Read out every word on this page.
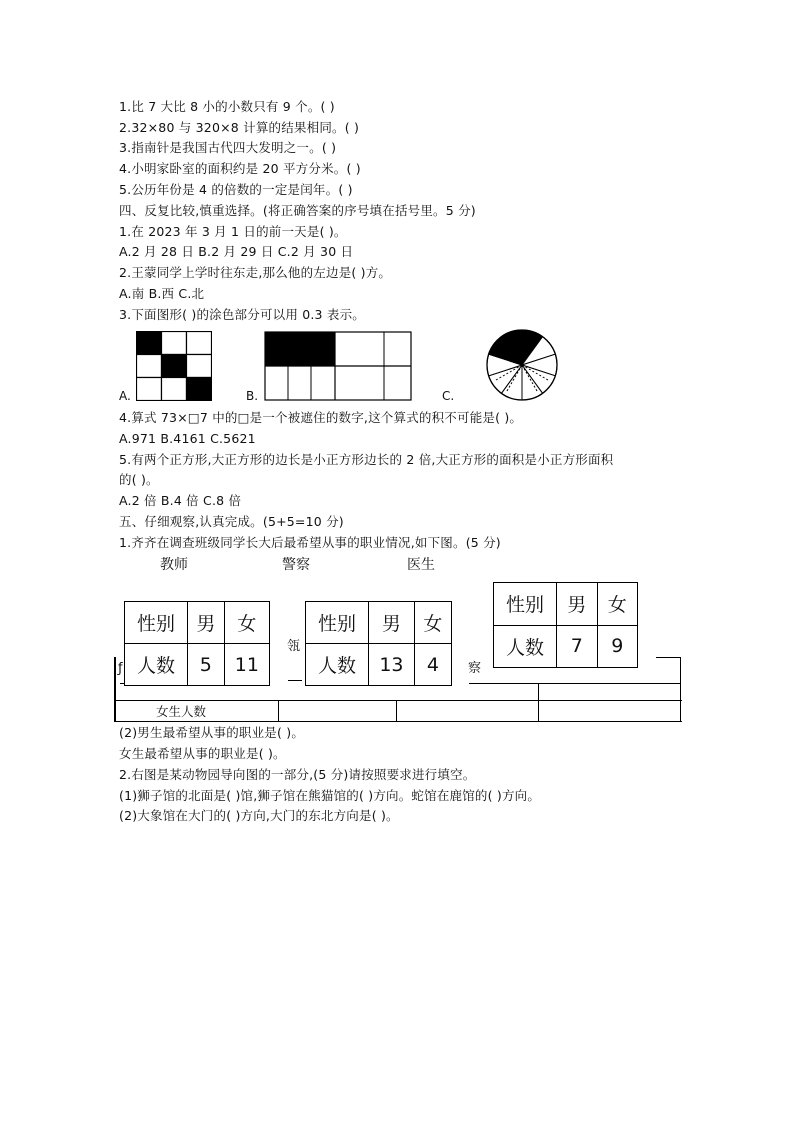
1.比 7 大比 8 小的小数只有 9 个。( )
2.32×80 与 320×8 计算的结果相同。( )
3.指南针是我国古代四大发明之一。( )
4.小明家卧室的面积约是 20 平方分米。( )
5.公历年份是 4 的倍数的一定是闰年。( )
四、反复比较,慎重选择。(将正确答案的序号填在括号里。5 分)
1.在 2023 年 3 月 1 日的前一天是( )。
A.2 月 28 日 B.2 月 29 日 C.2 月 30 日
2.王蒙同学上学时往东走,那么他的左边是( )方。
A.南 B.西 C.北
3.下面图形( )的涂色部分可以用 0.3 表示。
A.	B.	C.
4.算式 73×□7 中的□是一个被遮住的数字,这个算式的积不可能是( )。
A.971 B.4161 C.5621
5.有两个正方形,大正方形的边长是小正方形边长的 2 倍,大正方形的面积是小正方形面积
的( )。
A.2 倍 B.4 倍 C.8 倍
五、仔细观察,认真完成。(5+5=10 分)
1.齐齐在调查班级同学长大后最希望从事的职业情况,如下图。(5 分)
教师	警察	医生
ƒ
瓴
察
女生人数
性别	男	女
人数	5	11
性别	男	女
人数	13	4
性别	男	女
人数	7	9
(2)男生最希望从事的职业是( )。
女生最希望从事的职业是( )。
2.右图是某动物园导向图的一部分,(5 分)请按照要求进行填空。
(1)狮子馆的北面是( )馆,狮子馆在熊猫馆的( )方向。蛇馆在鹿馆的( )方向。
(2)大象馆在大门的( )方向,大门的东北方向是( )。
